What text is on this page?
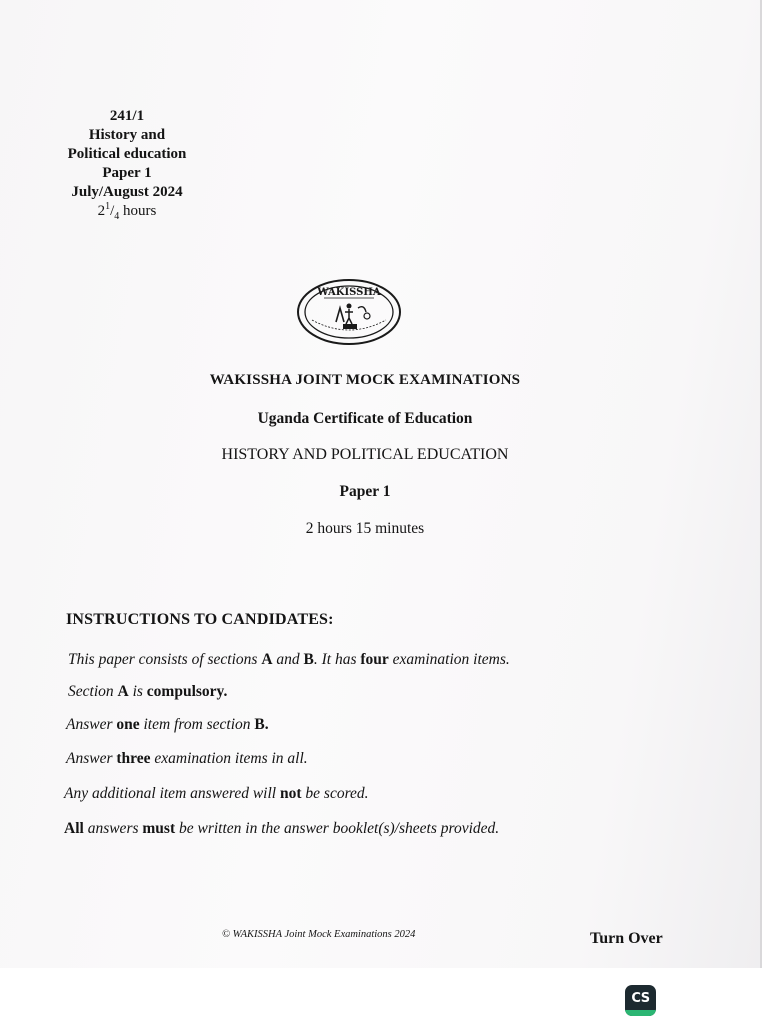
241/1
History and
Political education
Paper 1
July/August 2024
$2^1/_4$ hours
WAKISSHA
WAKISSHA JOINT MOCK EXAMINATIONS
Uganda Certificate of Education
HISTORY AND POLITICAL EDUCATION
Paper 1
2 hours 15 minutes
INSTRUCTIONS TO CANDIDATES:
This paper consists of sections A and B. It has four examination items.
Section A is compulsory.
Answer one item from section B.
Answer three examination items in all.
Any additional item answered will not be scored.
All answers must be written in the answer booklet(s)/sheets provided.
© WAKISSHA Joint Mock Examinations 2024	Turn Over
CS
